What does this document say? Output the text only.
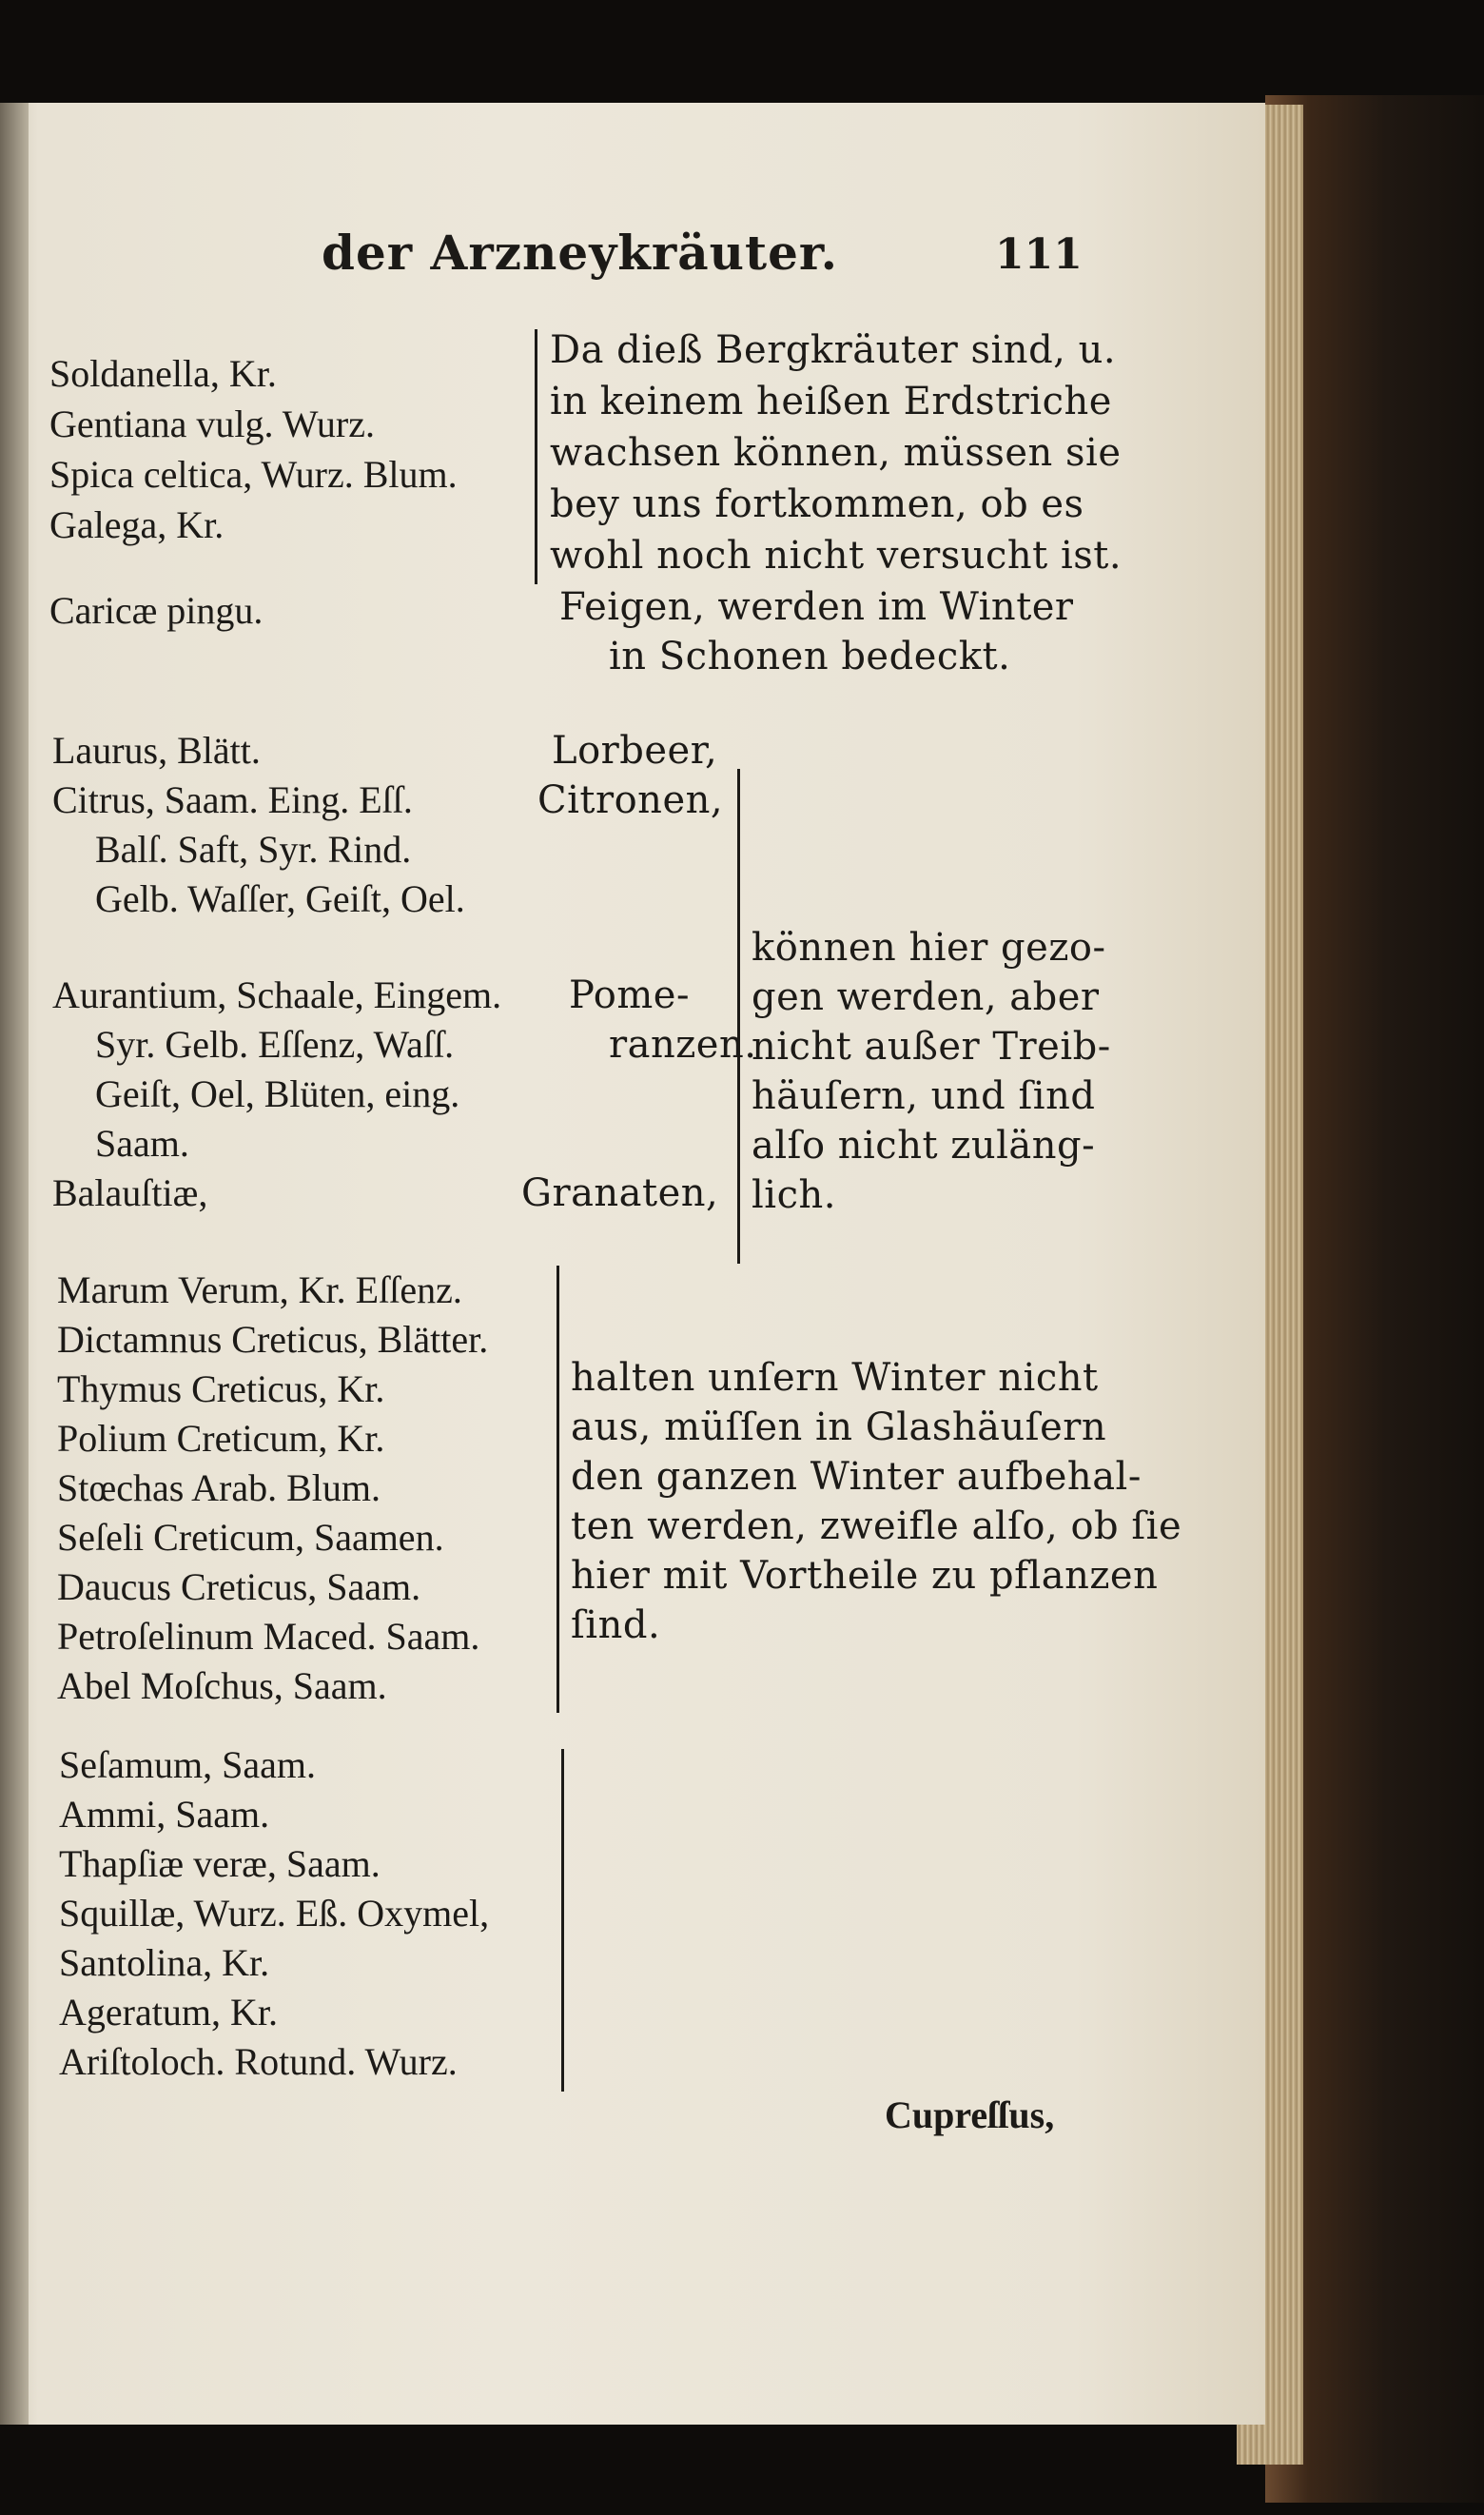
der Arzneykräuter.	111
Soldanella, Kr.
Gentiana vulg. Wurz.
Spica celtica, Wurz. Blum.
Galega, Kr.
Da dieß Bergkräuter sind, u.
in keinem heißen Erdstriche
wachsen können, müssen sie
bey uns fortkommen, ob es
wohl noch nicht versucht ist.
Caricæ pingu.	Feigen, werden im Winter
in Schonen bedeckt.
Laurus, Blätt.
Citrus, Saam. Eing. Eſſ.
Balſ. Saft, Syr. Rind.
Gelb. Waſſer, Geiſt, Oel.
Aurantium, Schaale, Eingem.
Syr. Gelb. Eſſenz, Waſſ.
Geiſt, Oel, Blüten, eing.
Saam.
Balauſtiæ,
Lorbeer,
Citronen,
Pome-
ranzen.
Granaten,
können hier gezo-
gen werden, aber
nicht außer Treib-
häuſern, und ſind
alſo nicht zuläng-
lich.
Marum Verum, Kr. Eſſenz.
Dictamnus Creticus, Blätter.
Thymus Creticus, Kr.
Polium Creticum, Kr.
Stœchas Arab. Blum.
Seſeli Creticum, Saamen.
Daucus Creticus, Saam.
Petroſelinum Maced. Saam.
Abel Moſchus, Saam.
halten unſern Winter nicht
aus, müſſen in Glashäuſern
den ganzen Winter aufbehal-
ten werden, zweifle alſo, ob ſie
hier mit Vortheile zu pflanzen
ſind.
Seſamum, Saam.
Ammi, Saam.
Thapſiæ veræ, Saam.
Squillæ, Wurz. Eß. Oxymel,
Santolina, Kr.
Ageratum, Kr.
Ariſtoloch. Rotund. Wurz.
Cupreſſus,
